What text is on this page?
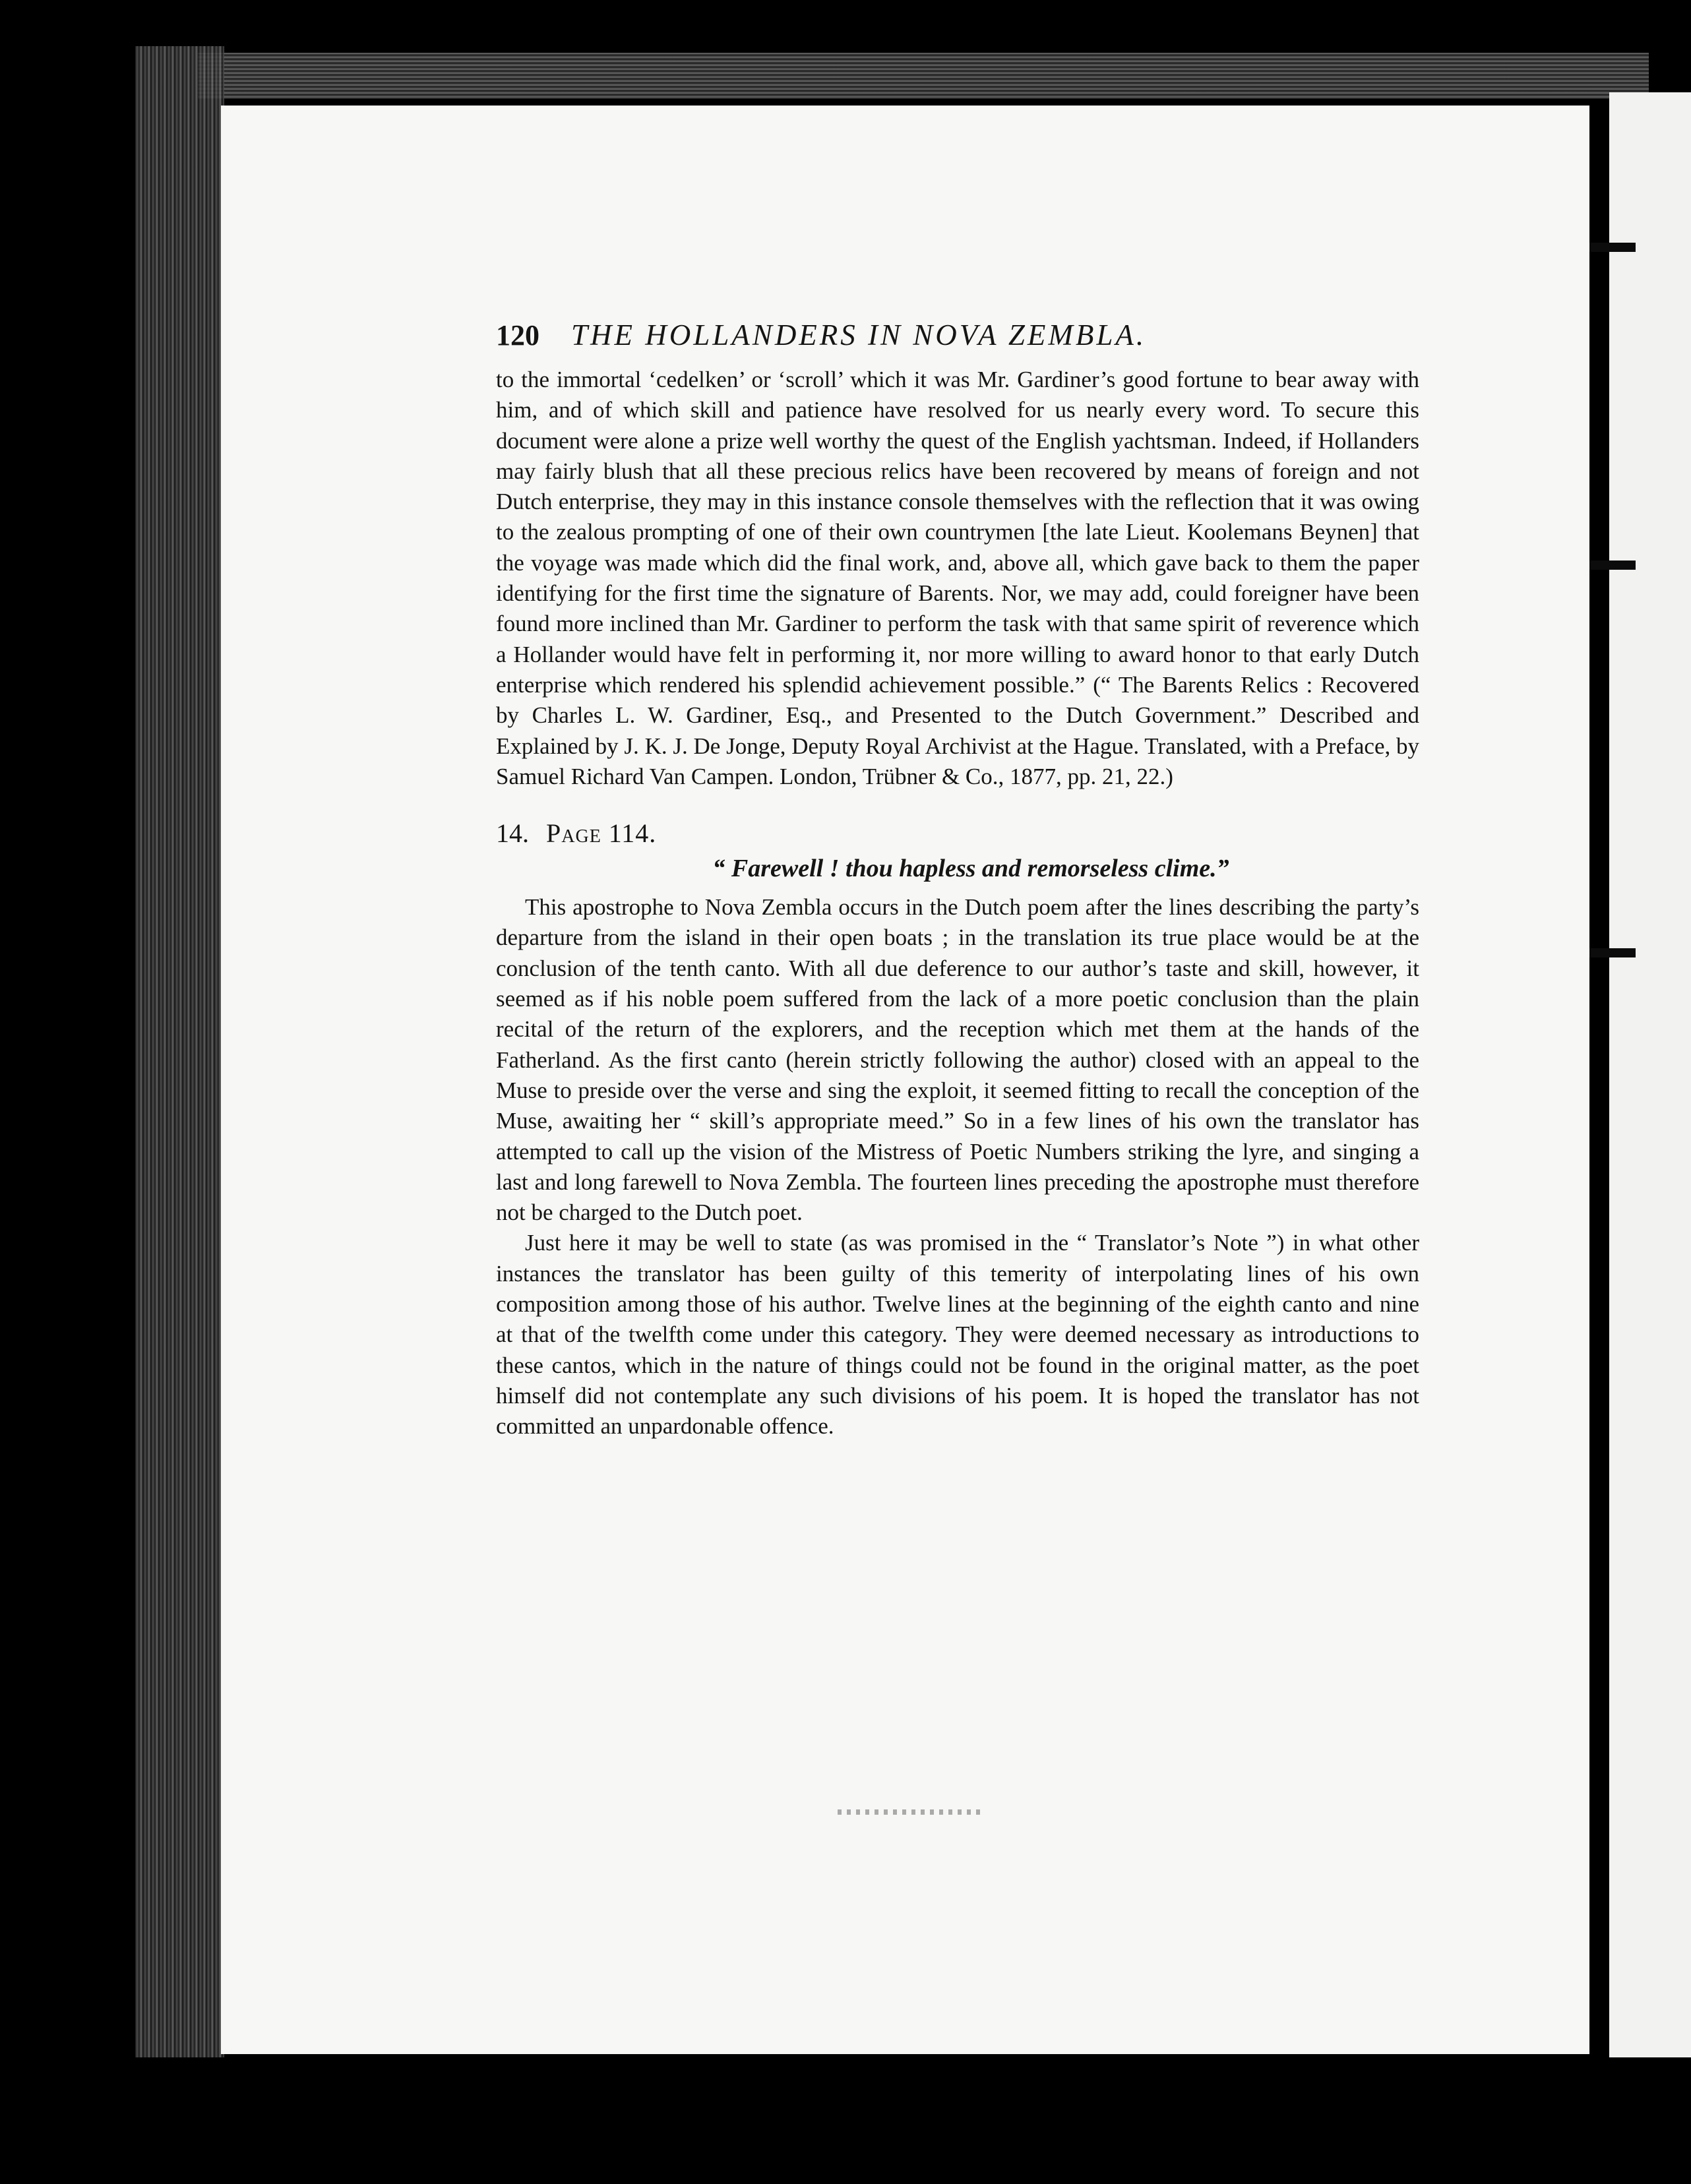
120 THE HOLLANDERS IN NOVA ZEMBLA.

to the immortal ‘cedelken’ or ‘scroll’ which it was Mr. Gardiner’s good fortune to bear away with him, and of which skill and patience have resolved for us nearly every word. To secure this document were alone a prize well worthy the quest of the English yachtsman. Indeed, if Hollanders may fairly blush that all these precious relics have been recovered by means of foreign and not Dutch enterprise, they may in this instance console themselves with the reflection that it was owing to the zealous prompting of one of their own countrymen [the late Lieut. Koolemans Beynen] that the voyage was made which did the final work, and, above all, which gave back to them the paper identifying for the first time the signature of Barents. Nor, we may add, could foreigner have been found more inclined than Mr. Gardiner to perform the task with that same spirit of reverence which a Hollander would have felt in performing it, nor more willing to award honor to that early Dutch enterprise which rendered his splendid achievement possible.” (“ The Barents Relics : Recovered by Charles L. W. Gardiner, Esq., and Presented to the Dutch Government.” Described and Explained by J. K. J. De Jonge, Deputy Royal Archivist at the Hague. Translated, with a Preface, by Samuel Richard Van Campen. London, Trübner & Co., 1877, pp. 21, 22.)

14. Page 114.
“ Farewell ! thou hapless and remorseless clime.”

This apostrophe to Nova Zembla occurs in the Dutch poem after the lines describing the party’s departure from the island in their open boats ; in the translation its true place would be at the conclusion of the tenth canto. With all due deference to our author’s taste and skill, however, it seemed as if his noble poem suffered from the lack of a more poetic conclusion than the plain recital of the return of the explorers, and the reception which met them at the hands of the Fatherland. As the first canto (herein strictly following the author) closed with an appeal to the Muse to preside over the verse and sing the exploit, it seemed fitting to recall the conception of the Muse, awaiting her “ skill’s appropriate meed.” So in a few lines of his own the translator has attempted to call up the vision of the Mistress of Poetic Numbers striking the lyre, and singing a last and long farewell to Nova Zembla. The fourteen lines preceding the apostrophe must therefore not be charged to the Dutch poet.

Just here it may be well to state (as was promised in the “ Translator’s Note ”) in what other instances the translator has been guilty of this temerity of interpolating lines of his own composition among those of his author. Twelve lines at the beginning of the eighth canto and nine at that of the twelfth come under this category. They were deemed necessary as introductions to these cantos, which in the nature of things could not be found in the original matter, as the poet himself did not contemplate any such divisions of his poem. It is hoped the translator has not committed an unpardonable offence.
